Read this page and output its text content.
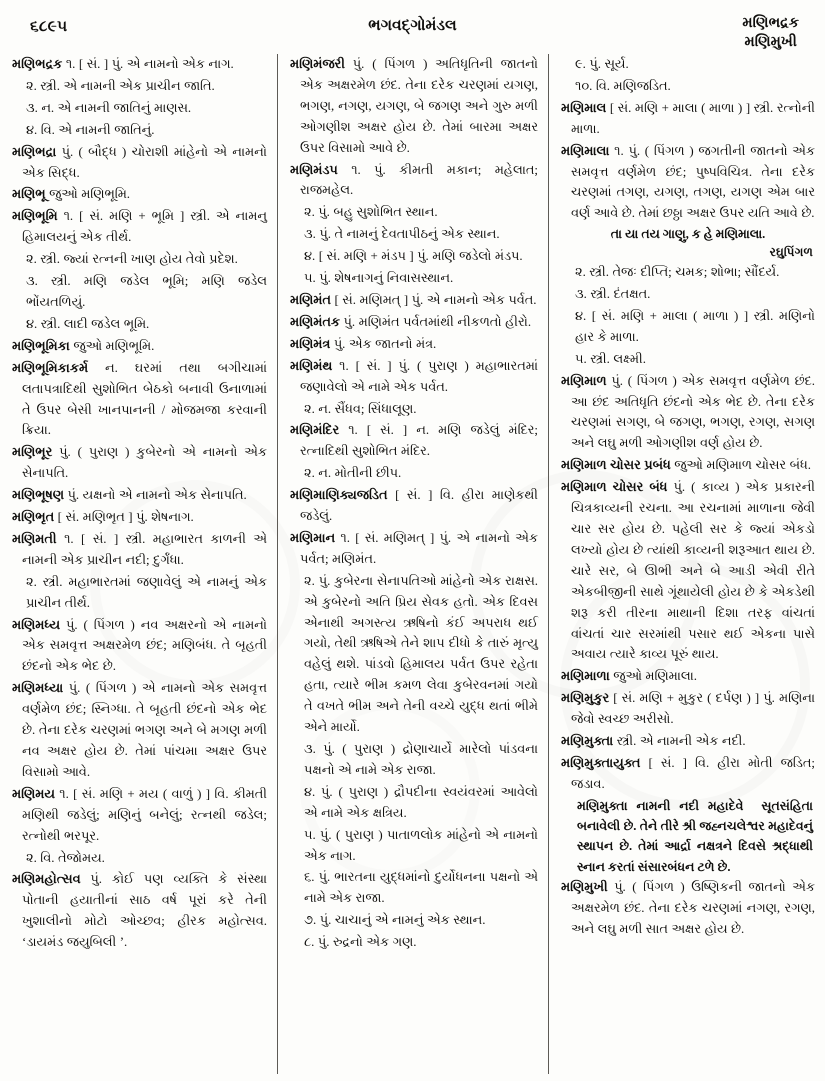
૬૮૯૫	ભગવદ્ગોમંડલ	મણિભદ્રક
મણિમુખી

મણિભદ્રક ૧. [ સં. ] પું. એ નામનો એક નાગ.

૨. સ્ત્રી. એ નામની એક પ્રાચીન જાતિ.

૩. ન. એ નામની જાતિનું માણસ.

૪. વિ. એ નામની જાતિનું.

મણિભદ્રા પું. ( બૌદ્ધ ) ચોરાશી માંહેનો એ નામનો એક સિદ્ધ.

મણિભૂ જુઓ મણિભૂમિ.

મણિભૂમિ ૧. [ સં. મણિ + ભૂમિ ] સ્ત્રી. એ નામનુ હિમાલયનું એક તીર્થ.

૨. સ્ત્રી. જ્યાં રત્નની ખાણ હોય તેવો પ્રદેશ.

૩. સ્ત્રી. મણિ જડેલ ભૂમિ; મણિ જડેલ ભોંયતળિયું.

૪. સ્ત્રી. લાદી જડેલ ભૂમિ.

મણિભૂમિકા જુઓ મણિભૂમિ.

મણિભૂમિકાકર્મ ન. ઘરમાં તથા બગીચામાં લતાપત્રાદિથી સુશોભિત બેઠકો બનાવી ઉનાળામાં તે ઉપર બેસી ખાનપાનની / મોજમજા કરવાની ક્રિયા.

મણિભૂર પું. ( પુરાણ ) કુબેરનો એ નામનો એક સેનાપતિ.

મણિભૂષણ પું. યક્ષનો એ નામનો એક સેનાપતિ.

મણિભૃત [ સં. મણિભૃત ] પું. શેષનાગ.

મણિમતી ૧. [ સં. ] સ્ત્રી. મહાભારત કાળની એ નામની એક પ્રાચીન નદી; દુર્ગંધા.

૨. સ્ત્રી. મહાભારતમાં જણાવેલું એ નામનું એક પ્રાચીન તીર્થ.

મણિમધ્ય પું. ( પિંગળ ) નવ અક્ષરનો એ નામનો એક સમવૃત્ત અક્ષરમેળ છંદ; મણિબંધ. તે બૃહતી છંદનો એક ભેદ છે.

મણિમધ્યા પું. ( પિંગળ ) એ નામનો એક સમવૃત્ત વર્ણમેળ છંદ; સ્નિગ્ધા. તે બૃહતી છંદનો એક ભેદ છે. તેના દરેક ચરણમાં ભગણ અને બે મગણ મળી નવ અક્ષર હોય છે. તેમાં પાંચમા અક્ષર ઉપર વિસામો આવે.

મણિમય ૧. [ સં. મણિ + મય ( વાળું ) ] વિ. કીમતી મણિથી જડેલું; મણિનું બનેલું; રત્નથી જડેલ; રત્નોથી ભરપૂર.

૨. વિ. તેજોમય.

મણિમહોત્સવ પું. કોઈ પણ વ્યક્તિ કે સંસ્થા પોતાની હયાતીનાં સાઠ વર્ષ પૂરાં કરે તેની ખુશાલીનો મોટો ઓચ્છવ; હીરક મહોત્સવ. ‘ડાયમંડ જયુબિલી ’.

મણિમંજરી પું. ( પિંગળ ) અતિધૃતિની જાતનો એક અક્ષરમેળ છંદ. તેના દરેક ચરણમાં યગણ, ભગણ, નગણ, યગણ, બે જગણ અને ગુરુ મળી ઓગણીશ અક્ષર હોય છે. તેમાં બારમા અક્ષર ઉપર વિસામો આવે છે.

મણિમંડપ ૧. પું. કીમતી મકાન; મહેલાત; રાજમહેલ.

૨. પું. બહુ સુશોભિત સ્થાન.

૩. પું. તે નામનું દેવતાપીઠનું એક સ્થાન.

૪. [ સં. મણિ + મંડપ ] પું. મણિ જડેલો મંડપ.

૫. પું. શેષનાગનું નિવાસસ્થાન.

મણિમંત [ સં. મણિમત્ ] પું. એ નામનો એક પર્વત.

મણિમંતક પું. મણિમંત પર્વતમાંથી નીકળતો હીરો.

મણિમંત્ર પું. એક જાતનો મંત્ર.

મણિમંથ ૧. [ સં. ] પું. ( પુરાણ ) મહાભારતમાં જણાવેલો એ નામે એક પર્વત.

૨. ન. સૈંધવ; સિંધાલૂણ.

મણિમંદિર ૧. [ સં. ] ન. મણિ જડેલું મંદિર; રત્નાદિથી સુશોભિત મંદિર.

૨. ન. મોતીની છીપ.

મણિમાણિક્યજડિત [ સં. ] વિ. હીરા માણેકથી જડેલું.

મણિમાન ૧. [ સં. મણિમત્ ] પું. એ નામનો એક પર્વત; મણિમંત.

૨. પું. કુબેરના સેનાપતિઓ માંહેનો એક રાક્ષસ. એ કુબેરનો અતિ પ્રિય સેવક હતો. એક દિવસ એનાથી અગસ્ત્ય ઋષિનો કંઈ અપરાધ થઈ ગયો, તેથી ઋષિએ તેને શાપ દીધો કે તારું મૃત્યુ વહેલું થશે. પાંડવો હિમાલય પર્વત ઉપર રહેતા હતા, ત્યારે ભીમ કમળ લેવા કુબેરવનમાં ગયો તે વખતે ભીમ અને તેની વચ્ચે યુદ્ધ થતાં ભીમે એને માર્યો.

૩. પું. ( પુરાણ ) દ્રોણાચાર્યે મારેલો પાંડવના પક્ષનો એ નામે એક રાજા.

૪. પું. ( પુરાણ ) દ્રૌપદીના સ્વયંવરમાં આવેલો એ નામે એક ક્ષત્રિય.

૫. પું. ( પુરાણ ) પાતાળલોક માંહેનો એ નામનો એક નાગ.

૬. પું. ભારતના યુદ્ધમાંનો દુર્યોધનના પક્ષનો એ નામે એક રાજા.

૭. પું. ચાચાનું એ નામનું એક સ્થાન.

૮. પું. રુદ્રનો એક ગણ.

૯. પું. સૂર્ય.

૧૦. વિ. મણિજડિત.

મણિમાલ [ સં. મણિ + માલા ( માળા ) ] સ્ત્રી. રત્નોની માળા.

મણિમાલા ૧. પું. ( પિંગળ ) જગતીની જાતનો એક સમવૃત્ત વર્ણમેળ છંદ; પુષ્પવિચિત્ર. તેના દરેક ચરણમાં તગણ, યગણ, તગણ, યગણ એમ બાર વર્ણ આવે છે. તેમાં છઠ્ઠા અક્ષર ઉપર યતિ આવે છે.

તા યા તય ગાણુ, ક હે મણિમાલા.

રઘુપિંગળ

૨. સ્ત્રી. તેજઃ દીપ્તિ; ચમક; શોભા; સૌંદર્ય.

૩. સ્ત્રી. દંતક્ષત.

૪. [ સં. મણિ + માલા ( માળા ) ] સ્ત્રી. મણિનો હાર કે માળા.

૫. સ્ત્રી. લક્ષ્મી.

મણિમાળ પું. ( પિંગળ ) એક સમવૃત્ત વર્ણમેળ છંદ. આ છંદ અતિધૃતિ છંદનો એક ભેદ છે. તેના દરેક ચરણમાં સગણ, બે જગણ, ભગણ, રગણ, સગણ અને લઘુ મળી ઓગણીશ વર્ણ હોય છે.

મણિમાળ ચોસર પ્રબંધ જુઓ મણિમાળ ચોસર બંધ.

મણિમાળ ચોસર બંધ પું. ( કાવ્ય ) એક પ્રકારની ચિત્રકાવ્યની રચના. આ રચનામાં માળાના જેવી ચાર સર હોય છે. પહેલી સર કે જ્યાં એકડો લખ્યો હોય છે ત્યાંથી કાવ્યની શરૂઆત થાય છે. ચારે સર, બે ઊભી અને બે આડી એવી રીતે એકબીજીની સાથે ગૂંથાયેલી હોય છે કે એકડેથી શરૂ કરી તીરના માથાની દિશા તરફ વાંચતાં વાંચતાં ચાર સરમાંથી પસાર થઈ એકના પાસે અવાય ત્યારે કાવ્ય પૂરું થાય.

મણિમાળા જુઓ મણિમાલા.

મણિમુકુર [ સં. મણિ + મુકુર ( દર્પણ ) ] પું. મણિના જેવો સ્વચ્છ અરીસો.

મણિમુક્તા સ્ત્રી. એ નામની એક નદી.

મણિમુક્તાયુક્ત [ સં. ] વિ. હીરા મોતી જડિત; જડાવ.

સૂતસંહિતા
મણિમુક્તા નામની નદી મહાદેવે બનાવેલી છે. તેને તીરે શ્રી જહ્નચલેશ્વર મહાદેવનું સ્થાપન છે. તેમાં આર્દ્રા નક્ષત્રને દિવસે શ્રદ્ધાથી સ્નાન કરતાં સંસારબંધન ટળે છે.

મણિમુખી પું. ( પિંગળ ) ઉષ્ણિકની જાતનો એક અક્ષરમેળ છંદ. તેના દરેક ચરણમાં નગણ, રગણ, અને લઘુ મળી સાત અક્ષર હોય છે.
